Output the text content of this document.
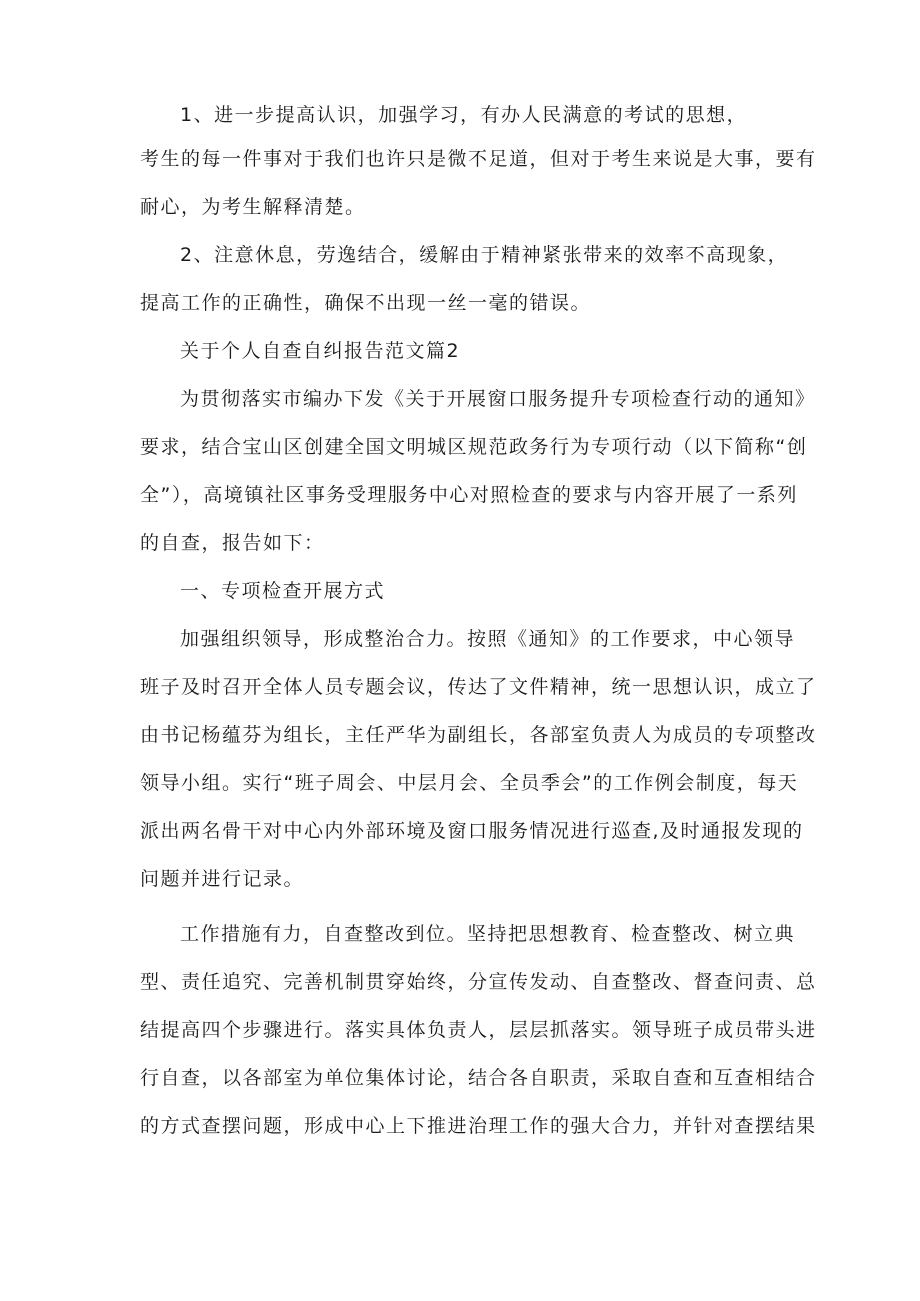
1、进一步提高认识，加强学习，有办人民满意的考试的思想，
考生的每一件事对于我们也许只是微不足道，但对于考生来说是大事，要有
耐心，为考生解释清楚。
2、注意休息，劳逸结合，缓解由于精神紧张带来的效率不高现象，
提高工作的正确性，确保不出现一丝一毫的错误。
关于个人自查自纠报告范文篇2
为贯彻落实市编办下发《关于开展窗口服务提升专项检查行动的通知》
要求，结合宝山区创建全国文明城区规范政务行为专项行动（以下简称“创
全”），高境镇社区事务受理服务中心对照检查的要求与内容开展了一系列
的自查，报告如下：
一、专项检查开展方式
加强组织领导，形成整治合力。按照《通知》的工作要求，中心领导
班子及时召开全体人员专题会议，传达了文件精神，统一思想认识，成立了
由书记杨蕴芬为组长，主任严华为副组长，各部室负责人为成员的专项整改
领导小组。实行“班子周会、中层月会、全员季会”的工作例会制度，每天
派出两名骨干对中心内外部环境及窗口服务情况进行巡查,及时通报发现的
问题并进行记录。
工作措施有力，自查整改到位。坚持把思想教育、检查整改、树立典
型、责任追究、完善机制贯穿始终，分宣传发动、自查整改、督查问责、总
结提高四个步骤进行。落实具体负责人，层层抓落实。领导班子成员带头进
行自查，以各部室为单位集体讨论，结合各自职责，采取自查和互查相结合
的方式查摆问题，形成中心上下推进治理工作的强大合力，并针对查摆结果
